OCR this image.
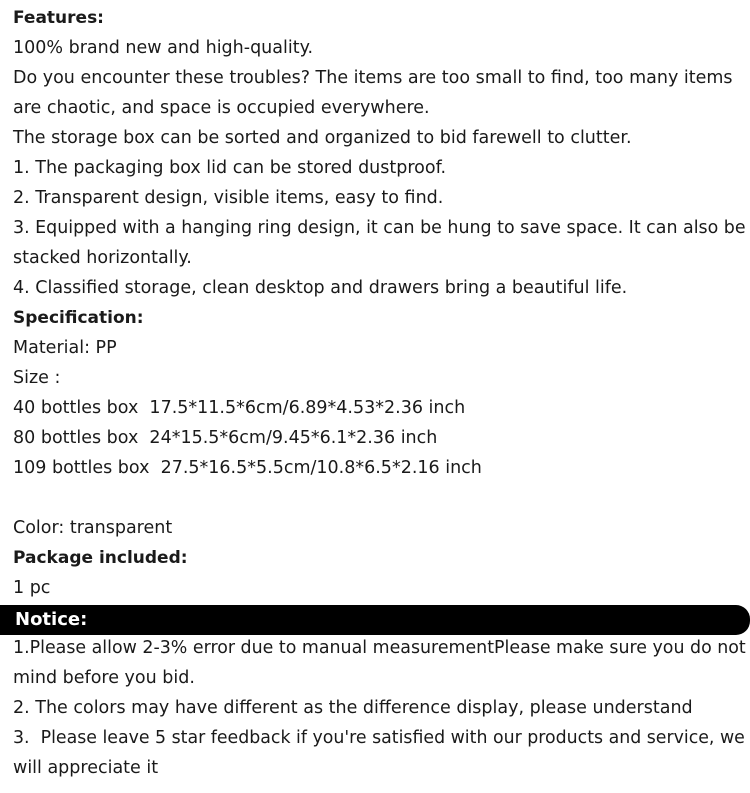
Features:
100% brand new and high-quality.
Do you encounter these troubles? The items are too small to find, too many items
are chaotic, and space is occupied everywhere.
The storage box can be sorted and organized to bid farewell to clutter.
1. The packaging box lid can be stored dustproof.
2. Transparent design, visible items, easy to find.
3. Equipped with a hanging ring design, it can be hung to save space. It can also be
stacked horizontally.
4. Classified storage, clean desktop and drawers bring a beautiful life.
Specification:
Material: PP
Size :
40 bottles box  17.5*11.5*6cm/6.89*4.53*2.36 inch
80 bottles box  24*15.5*6cm/9.45*6.1*2.36 inch
109 bottles box  27.5*16.5*5.5cm/10.8*6.5*2.16 inch
Color: transparent
Package included:
1 pc
Notice:
1.Please allow 2-3% error due to manual measurementPlease make sure you do not
mind before you bid.
2. The colors may have different as the difference display, please understand
3.  Please leave 5 star feedback if you're satisfied with our products and service, we
will appreciate it
